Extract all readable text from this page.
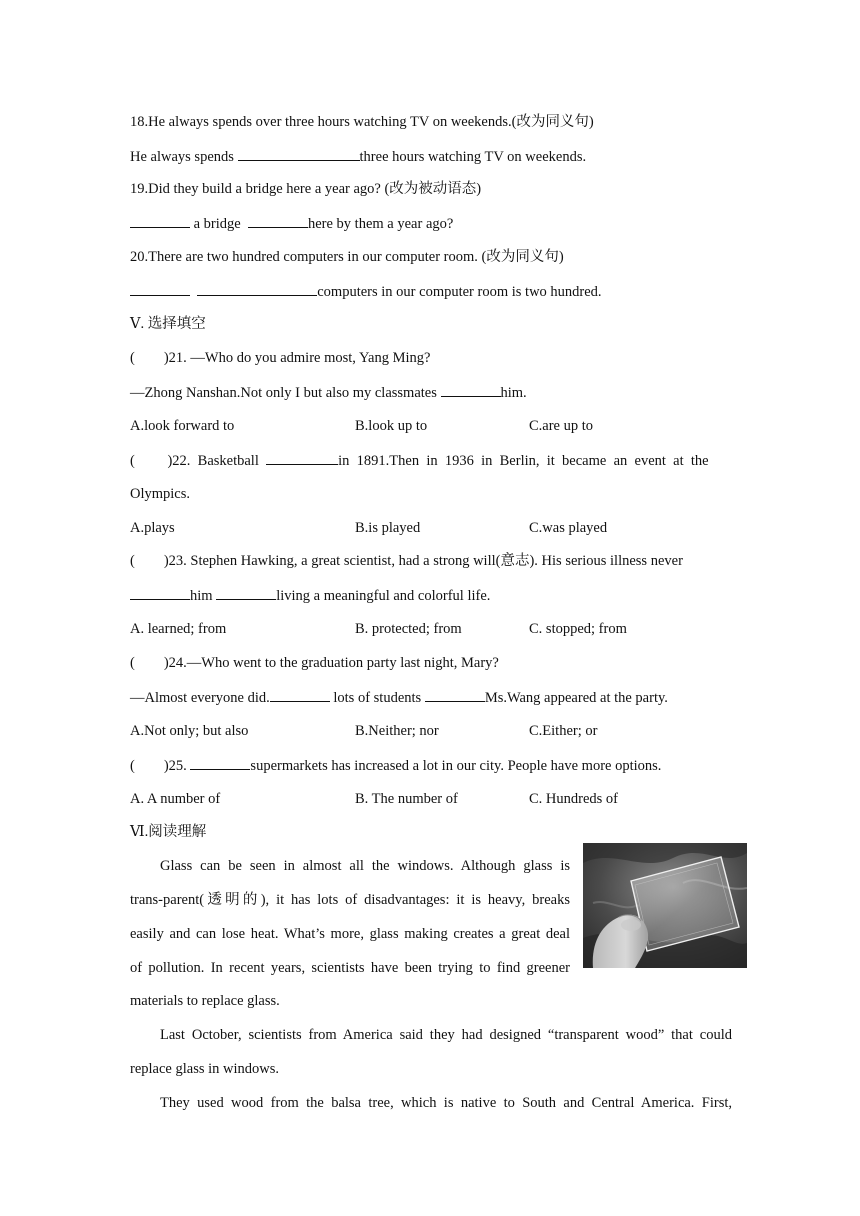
18.He always spends over three hours watching TV on weekends.(改为同义句)
He always spends	three hours watching TV on weekends.
19.Did they build a bridge here a year ago? (改为被动语态)
a bridge	here by them a year ago?
20.There are two hundred computers in our computer room. (改为同义句)
computers in our computer room is two hundred.
Ⅴ. 选择填空
(        )21. —Who do you admire most, Yang Ming?
—Zhong Nanshan.Not only I but also my classmates	him.
A.look forward to	B.look up to	C.are up to
(         )22.  Basketball	in  1891.Then  in  1936  in  Berlin,  it  became  an  event  at  the
Olympics.
A.plays	B.is played	C.was played
(        )23. Stephen Hawking, a great scientist, had a strong will(意志). His serious illness never
him	living a meaningful and colorful life.
A. learned; from	B. protected; from	C. stopped; from
(        )24.—Who went to the graduation party last night, Mary?
—Almost everyone did.	lots of students	Ms.Wang appeared at the party.
A.Not only; but also	B.Neither; nor	C.Either; or
(        )25.	supermarkets has increased a lot in our city. People have more options.
A. A number of	B. The number of	C. Hundreds of
Ⅵ.阅读理解
Glass can be seen in almost all the windows. Although glass is
trans-parent(透明的), it has lots of disadvantages: it is heavy, breaks
easily and can lose heat. What’s more, glass making creates a great deal
of pollution. In recent years, scientists have been trying to find greener
materials to replace glass.
Last October, scientists from America said they had designed “transparent wood” that could
replace glass in windows.
They used wood from the balsa tree, which is native to South and Central America. First,
